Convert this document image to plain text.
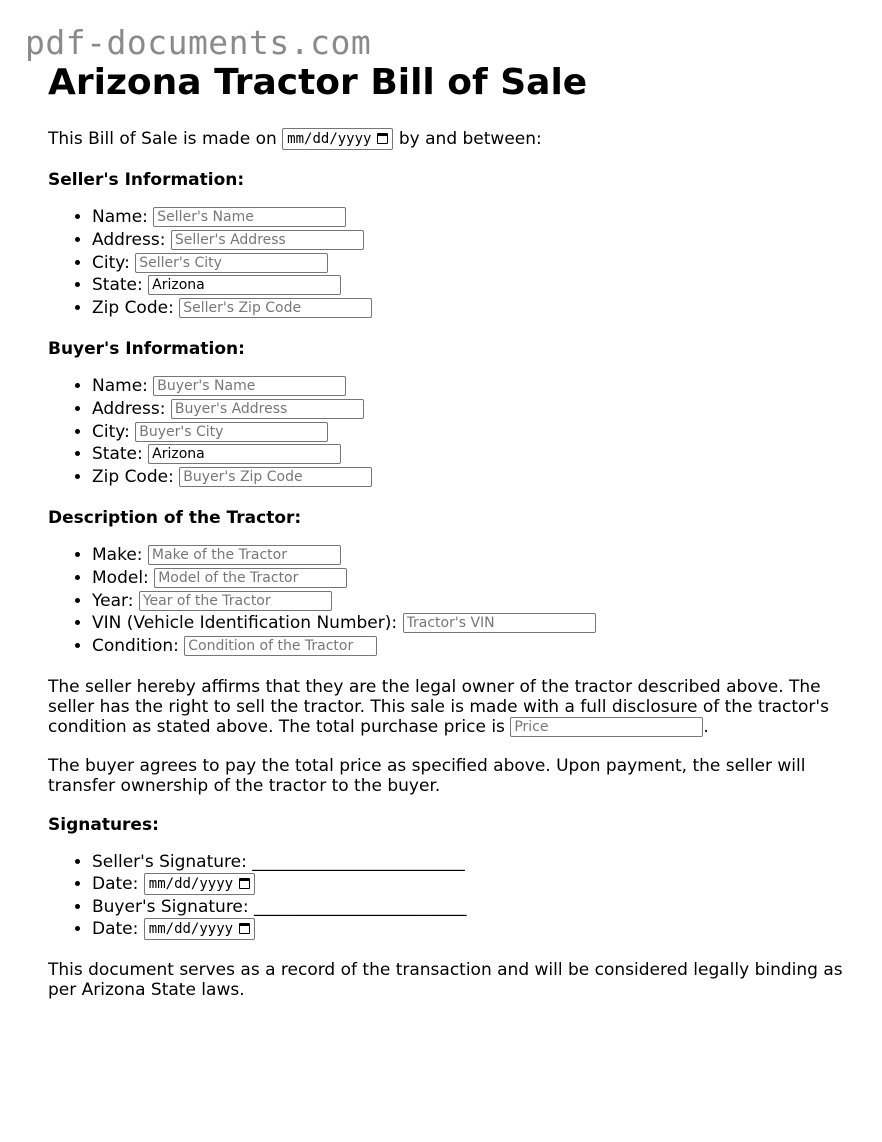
pdf-documents.com
Arizona Tractor Bill of Sale

This Bill of Sale is made on mm/dd/yyyy by and between:

Seller's Information:
• Name: Seller's Name
• Address: Seller's Address
• City: Seller's City
• State: Arizona
• Zip Code: Seller's Zip Code
Buyer's Information:
• Name: Buyer's Name
• Address: Buyer's Address
• City: Buyer's City
• State: Arizona
• Zip Code: Buyer's Zip Code
Description of the Tractor:
• Make: Make of the Tractor
• Model: Model of the Tractor
• Year: Year of the Tractor
• VIN (Vehicle Identification Number): Tractor's VIN
• Condition: Condition of the Tractor

The seller hereby affirms that they are the legal owner of the tractor described above. The seller has the right to sell the tractor. This sale is made with a full disclosure of the tractor's condition as stated above. The total purchase price is Price	.

The buyer agrees to pay the total price as specified above. Upon payment, the seller will transfer ownership of the tractor to the buyer.

Signatures:
• Seller's Signature: _________________________
• Date: mm/dd/yyyy
• Buyer's Signature: _________________________
• Date: mm/dd/yyyy

This document serves as a record of the transaction and will be considered legally binding as per Arizona State laws.
